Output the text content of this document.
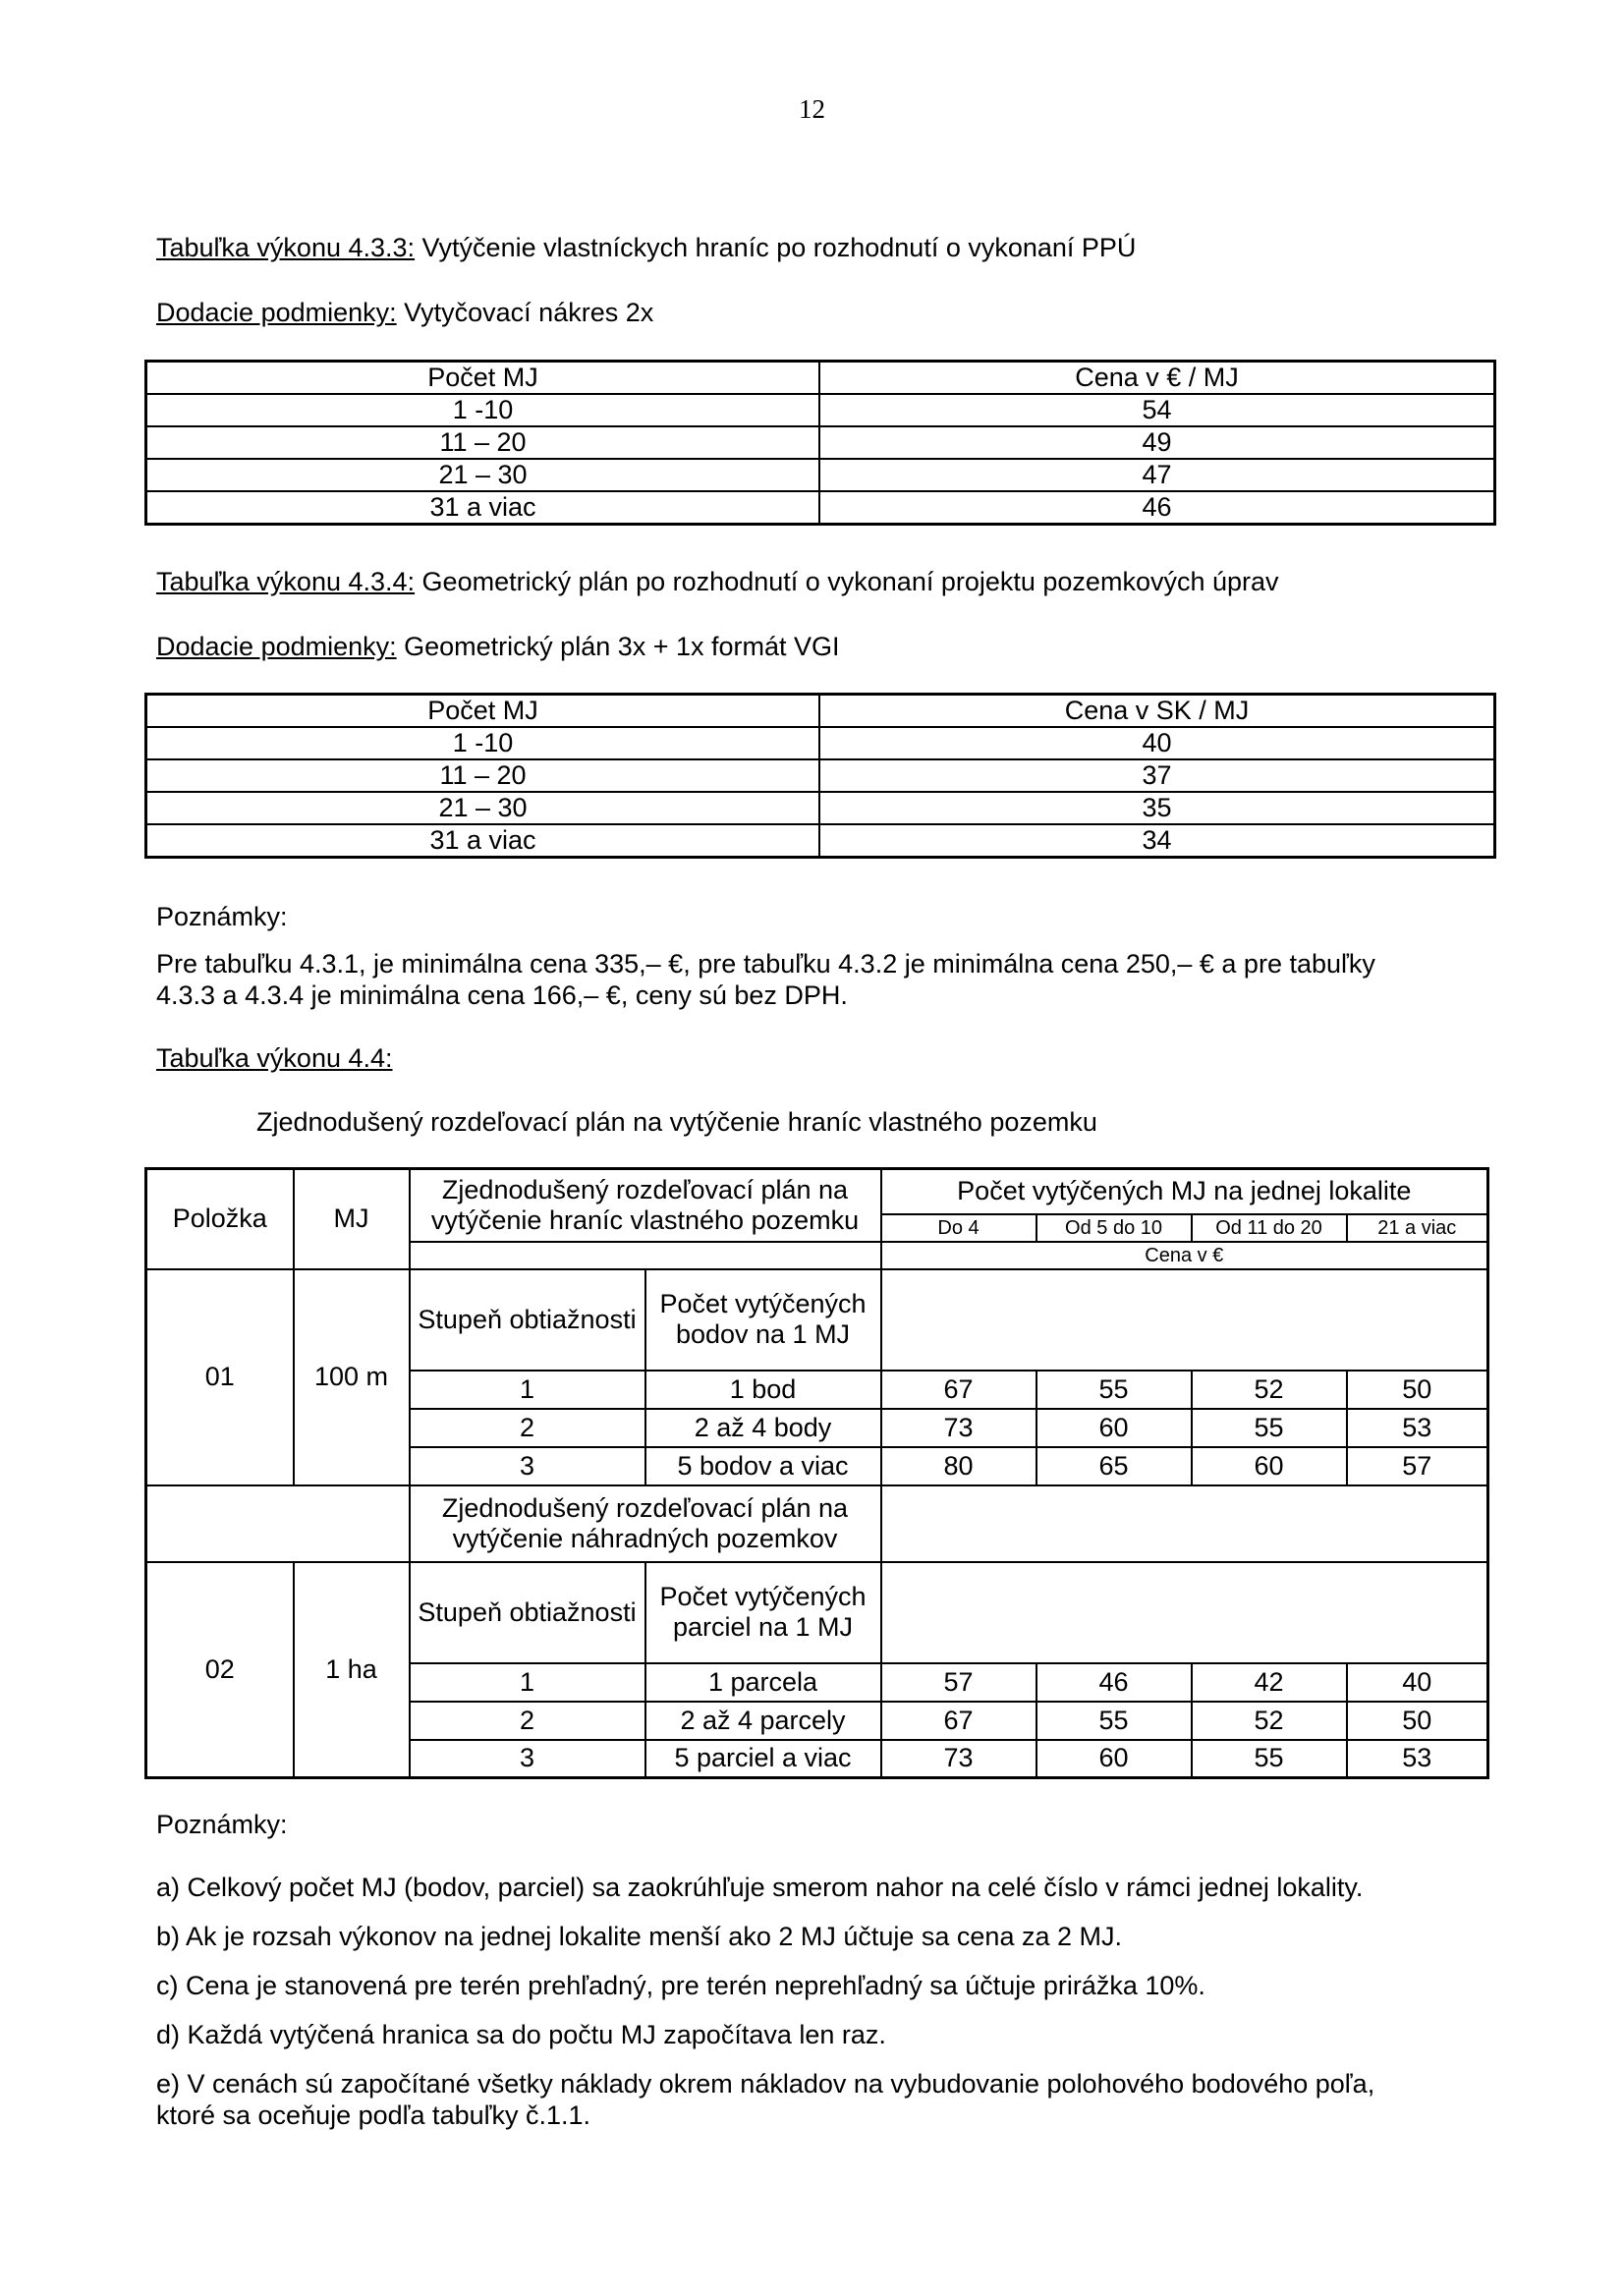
12
Tabuľka výkonu 4.3.3: Vytýčenie vlastníckych hraníc po rozhodnutí o vykonaní PPÚ
Dodacie podmienky: Vytyčovací nákres 2x
Počet MJ	Cena v € / MJ
1 -10	54
11 – 20	49
21 – 30	47
31 a viac	46
Tabuľka výkonu 4.3.4: Geometrický plán po rozhodnutí o vykonaní projektu pozemkových úprav
Dodacie podmienky: Geometrický plán 3x + 1x formát VGI
Počet MJ	Cena v SK / MJ
1 -10	40
11 – 20	37
21 – 30	35
31 a viac	34
Poznámky:
Pre tabuľku 4.3.1, je minimálna cena 335,– €, pre tabuľku 4.3.2 je minimálna cena 250,– € a pre tabuľky
4.3.3 a 4.3.4 je minimálna cena 166,– €, ceny sú bez DPH.
Tabuľka výkonu 4.4:
Zjednodušený rozdeľovací plán na vytýčenie hraníc vlastného pozemku
Položka	MJ	Zjednodušený rozdeľovací plán na vytýčenie hraníc vlastného pozemku		Počet vytýčených MJ na jednej lokalite			
				Do 4	Od 5 do 10	Od 11 do 20	21 a viac
				Cena v €			
01	100 m	Stupeň obtiažnosti	Počet vytýčených bodov na 1 MJ				
		1	1 bod	67	55	52	50
		2	2 až 4 body	73	60	55	53
		3	5 bodov a viac	80	65	60	57
		Zjednodušený rozdeľovací plán na vytýčenie náhradných pozemkov					
02	1 ha	Stupeň obtiažnosti	Počet vytýčených parciel na 1 MJ				
		1	1 parcela	57	46	42	40
		2	2 až 4 parcely	67	55	52	50
		3	5 parciel a viac	73	60	55	53
Poznámky:
a) Celkový počet MJ (bodov, parciel) sa zaokrúhľuje smerom nahor na celé číslo v rámci jednej lokality.
b) Ak je rozsah výkonov na jednej lokalite menší ako 2 MJ účtuje sa cena za 2 MJ.
c) Cena je stanovená pre terén prehľadný, pre terén neprehľadný sa účtuje prirážka 10%.
d) Každá vytýčená hranica sa do počtu MJ započítava len raz.
e) V cenách sú započítané všetky náklady okrem nákladov na vybudovanie polohového bodového poľa,
ktoré sa oceňuje podľa tabuľky č.1.1.
